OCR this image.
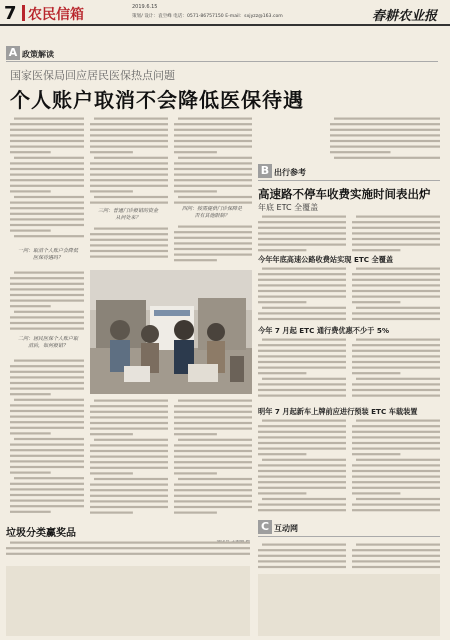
7 农民信箱	2019.6.15
策划/ 设计：袁空峰 电话：0571-86757150 E-mail：sxjyzz@163.com	春耕农业报
A 政策解读
国家医保局回应居民医保热点问题
个人账户取消不会降低医保待遇
一问：取消个人账户会降低医保待遇吗？
二问：居民医保个人账户取消后，如何报销？
三问：普通门诊报销的资金从何处来？
四问：按需提供门诊保障是否有其他限制？
B 出行参考
高速路不停车收费实施时间表出炉
年底 ETC 全覆盖
今年年底高速公路收费站实现 ETC 全覆盖
今年 7 月起 ETC 通行费优惠不少于 5%
明年 7 月起新车上牌前应进行预装 ETC 车载装置
垃圾分类赢奖品
C 互动网
